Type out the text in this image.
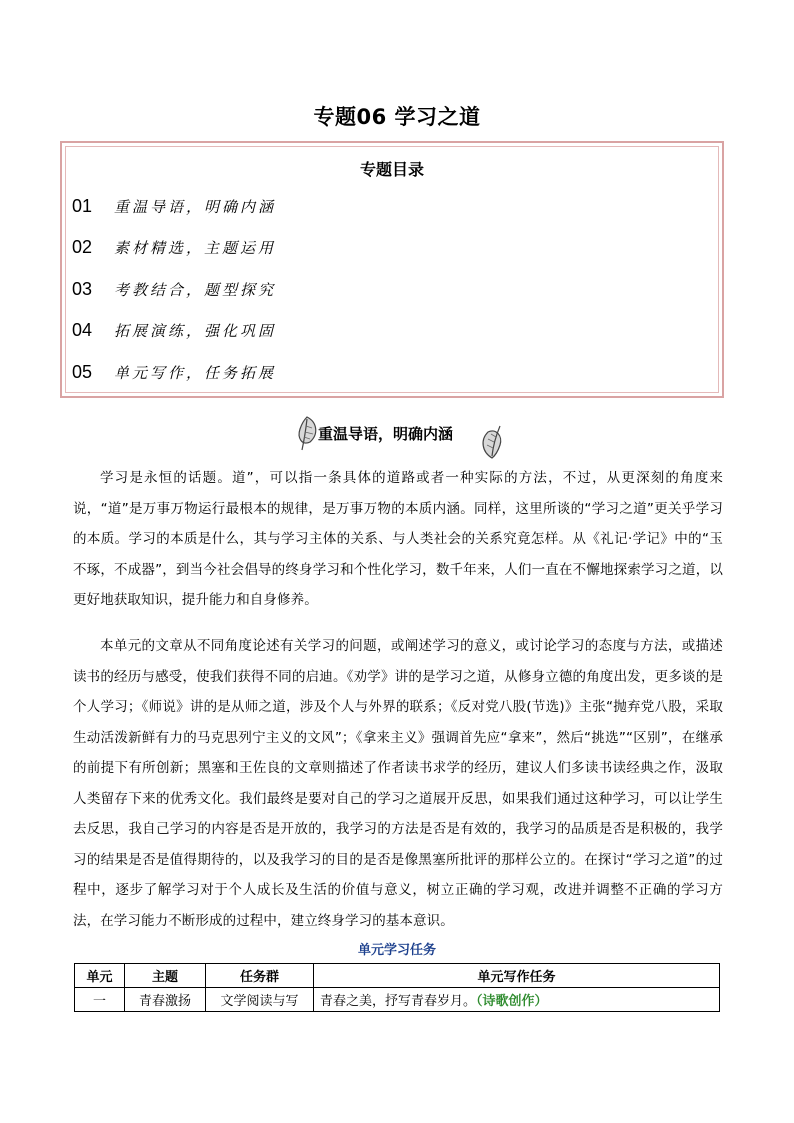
专题06 学习之道
专题目录
01 重温导语，明确内涵
02 素材精选，主题运用
03 考教结合，题型探究
04 拓展演练，强化巩固
05 单元写作，任务拓展
重温导语，明确内涵

学习是永恒的话题。道”，可以指一条具体的道路或者一种实际的方法，不过，从更深刻的角度来说，“道”是万事万物运行最根本的规律，是万事万物的本质内涵。同样，这里所谈的“学习之道”更关乎学习的本质。学习的本质是什么，其与学习主体的关系、与人类社会的关系究竟怎样。从《礼记·学记》中的“玉不琢，不成器”，到当今社会倡导的终身学习和个性化学习，数千年来，人们一直在不懈地探索学习之道，以更好地获取知识，提升能力和自身修养。

本单元的文章从不同角度论述有关学习的问题，或阐述学习的意义，或讨论学习的态度与方法，或描述读书的经历与感受，使我们获得不同的启迪。《劝学》讲的是学习之道，从修身立德的角度出发，更多谈的是个人学习；《师说》讲的是从师之道，涉及个人与外界的联系；《反对党八股(节选)》主张“抛弃党八股，采取生动活泼新鲜有力的马克思列宁主义的文风”；《拿来主义》强调首先应“拿来”，然后“挑选”“区别”，在继承的前提下有所创新；黑塞和王佐良的文章则描述了作者读书求学的经历，建议人们多读书读经典之作，汲取人类留存下来的优秀文化。我们最终是要对自己的学习之道展开反思，如果我们通过这种学习，可以让学生去反思，我自己学习的内容是否是开放的，我学习的方法是否是有效的，我学习的品质是否是积极的，我学习的结果是否是值得期待的，以及我学习的目的是否是像黑塞所批评的那样公立的。在探讨“学习之道”的过程中，逐步了解学习对于个人成长及生活的价值与意义，树立正确的学习观，改进并调整不正确的学习方法，在学习能力不断形成的过程中，建立终身学习的基本意识。

单元学习任务
单元	主题	任务群	单元写作任务
一	青春激扬	文学阅读与写	青春之美，抒写青春岁月。（诗歌创作）
